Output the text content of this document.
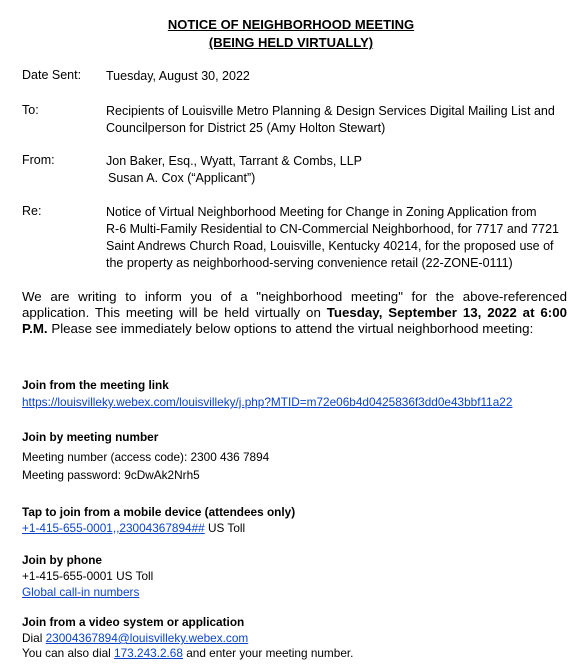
NOTICE OF NEIGHBORHOOD MEETING
(BEING HELD VIRTUALLY)
Date Sent: Tuesday, August 30, 2022
To:	Recipients of Louisville Metro Planning & Design Services Digital Mailing List and
Councilperson for District 25 (Amy Holton Stewart)
From:	Jon Baker, Esq., Wyatt, Tarrant & Combs, LLP
Susan A. Cox (“Applicant”)
Re:	Notice of Virtual Neighborhood Meeting for Change in Zoning Application from
R-6 Multi-Family Residential to CN-Commercial Neighborhood, for 7717 and 7721
Saint Andrews Church Road, Louisville, Kentucky 40214, for the proposed use of
the property as neighborhood-serving convenience retail (22-ZONE-0111)
We are writing to inform you of a "neighborhood meeting" for the above-referenced application. This meeting will be held virtually on Tuesday, September 13, 2022 at 6:00 P.M. Please see immediately below options to attend the virtual neighborhood meeting:
Join from the meeting link
https://louisvilleky.webex.com/louisvilleky/j.php?MTID=m72e06b4d0425836f3dd0e43bbf11a22
Join by meeting number
Meeting number (access code): 2300 436 7894
Meeting password: 9cDwAk2Nrh5
Tap to join from a mobile device (attendees only)
+1-415-655-0001,,23004367894## US Toll
Join by phone
+1-415-655-0001 US Toll
Global call-in numbers
Join from a video system or application
Dial 23004367894@louisvilleky.webex.com
You can also dial 173.243.2.68 and enter your meeting number.
